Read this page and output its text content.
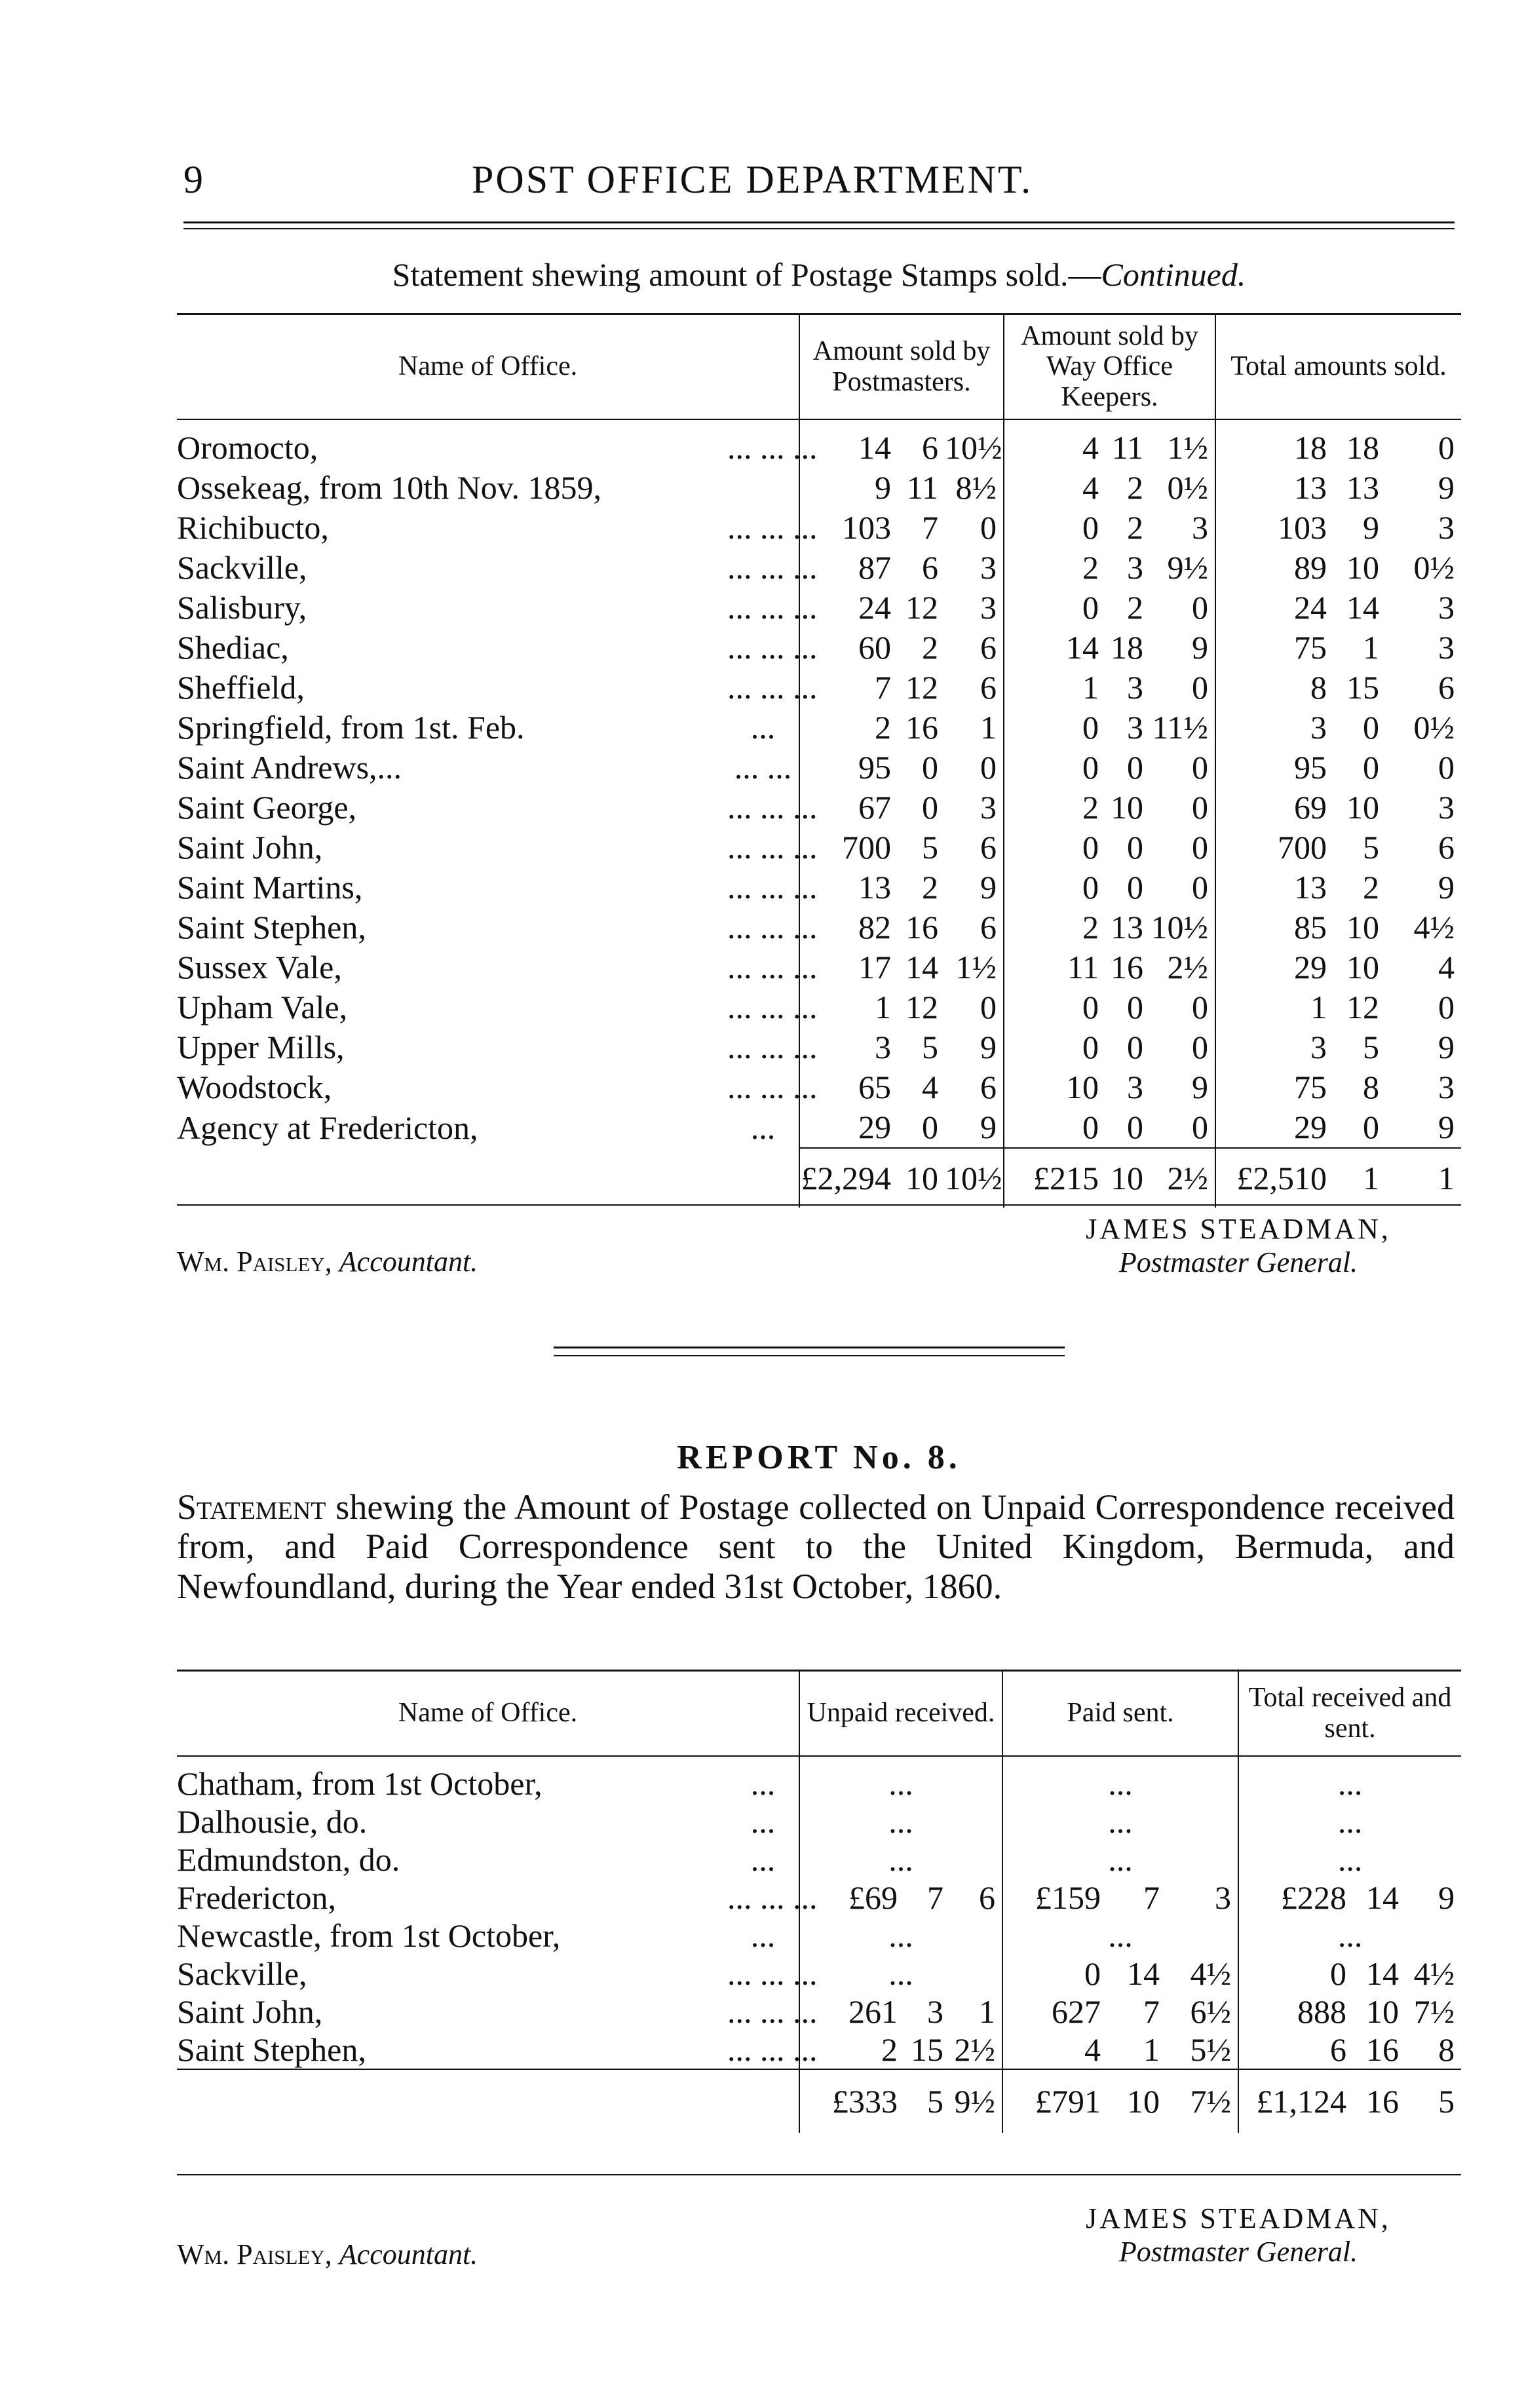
9	POST OFFICE DEPARTMENT.
Statement shewing amount of Postage Stamps sold.—Continued.
Name of Office.		Amount sold by Postmasters.			Amount sold by Way Office Keepers.			Total amounts sold.		
Oromocto,	... ... ...	14	6	10½	4	11	1½	18	18	0
Ossekeag, from 10th Nov. 1859,		9	11	8½	4	2	0½	13	13	9
Richibucto,	... ... ...	103	7	0	0	2	3	103	9	3
Sackville,	... ... ...	87	6	3	2	3	9½	89	10	0½
Salisbury,	... ... ...	24	12	3	0	2	0	24	14	3
Shediac,	... ... ...	60	2	6	14	18	9	75	1	3
Sheffield,	... ... ...	7	12	6	1	3	0	8	15	6
Springfield, from 1st. Feb.	...	2	16	1	0	3	11½	3	0	0½
Saint Andrews,...	... ...	95	0	0	0	0	0	95	0	0
Saint George,	... ... ...	67	0	3	2	10	0	69	10	3
Saint John,	... ... ...	700	5	6	0	0	0	700	5	6
Saint Martins,	... ... ...	13	2	9	0	0	0	13	2	9
Saint Stephen,	... ... ...	82	16	6	2	13	10½	85	10	4½
Sussex Vale,	... ... ...	17	14	1½	11	16	2½	29	10	4
Upham Vale,	... ... ...	1	12	0	0	0	0	1	12	0
Upper Mills,	... ... ...	3	5	9	0	0	0	3	5	9
Woodstock,	... ... ...	65	4	6	10	3	9	75	8	3
Agency at Fredericton,	...	29	0	9	0	0	0	29	0	9
		£2,294	10	10½	£215	10	2½	£2,510	1	1
Wm. Paisley, Accountant.
JAMES STEADMAN,
Postmaster General.
REPORT No. 8.
Statement shewing the Amount of Postage collected on Unpaid Correspondence received from, and Paid Correspondence sent to the United Kingdom, Bermuda, and Newfoundland, during the Year ended 31st October, 1860.
Name of Office.		Unpaid received.			Paid sent.			Total received and sent.		
Chatham, from 1st October,	...	...			...			...		
Dalhousie, do.	...	...			...			...		
Edmundston, do.	...	...			...			...		
Fredericton,	... ... ...	£69	7	6	£159	7	3	£228	14	9
Newcastle, from 1st October,	...	...			...			...		
Sackville,	... ... ...	...			0	14	4½	0	14	4½
Saint John,	... ... ...	261	3	1	627	7	6½	888	10	7½
Saint Stephen,	... ... ...	2	15	2½	4	1	5½	6	16	8
		£333	5	9½	£791	10	7½	£1,124	16	5
Wm. Paisley, Accountant.
JAMES STEADMAN,
Postmaster General.
